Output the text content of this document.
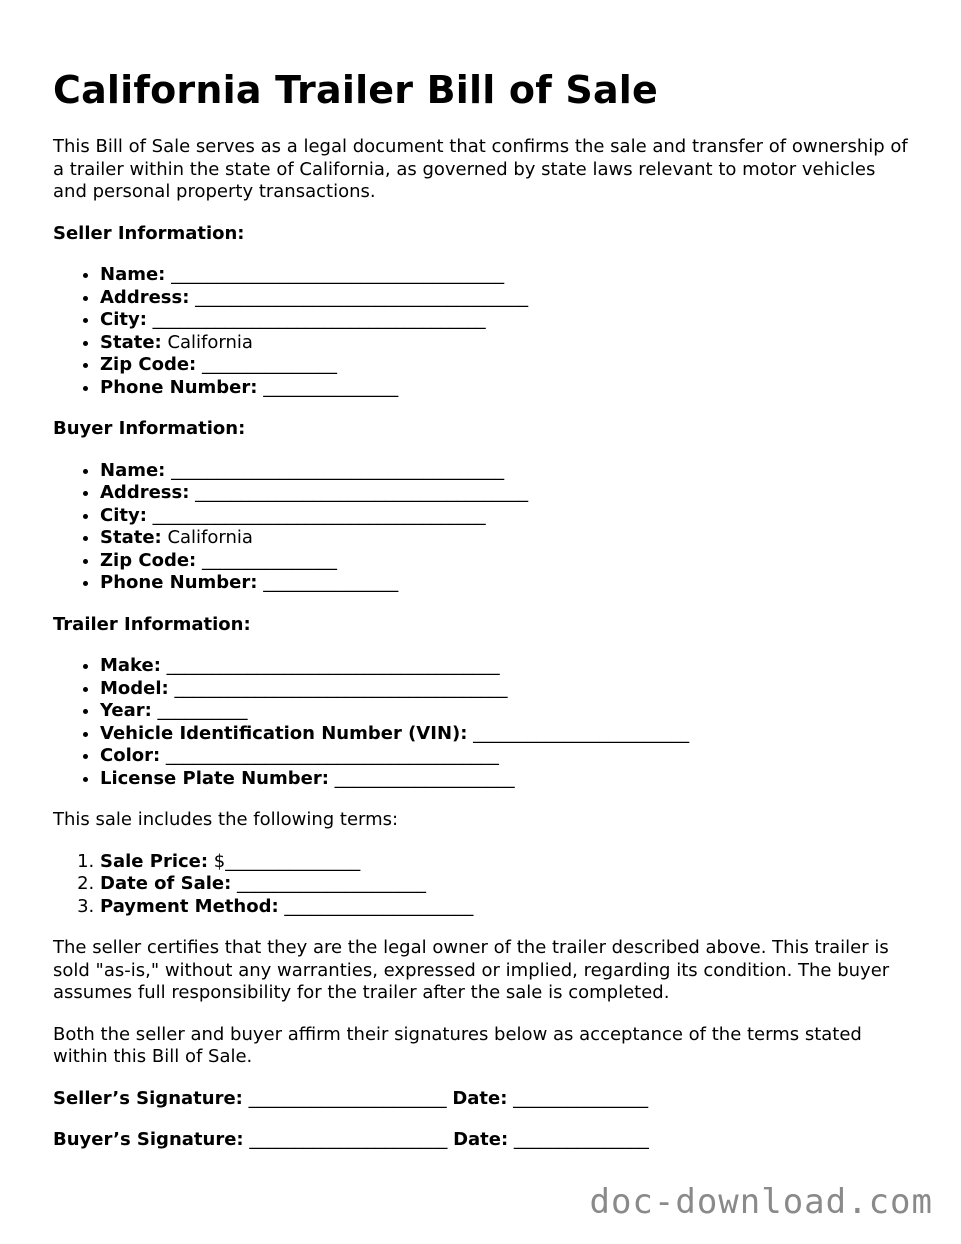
California Trailer Bill of Sale

This Bill of Sale serves as a legal document that confirms the sale and transfer of ownership of a trailer within the state of California, as governed by state laws relevant to motor vehicles and personal property transactions.

Seller Information:
• Name: _____________________________________
• Address: _____________________________________
• City: _____________________________________
• State: California
• Zip Code: _______________
• Phone Number: _______________
Buyer Information:
• Name: _____________________________________
• Address: _____________________________________
• City: _____________________________________
• State: California
• Zip Code: _______________
• Phone Number: _______________
Trailer Information:
• Make: _____________________________________
• Model: _____________________________________
• Year: __________
• Vehicle Identification Number (VIN): ________________________
• Color: _____________________________________
• License Plate Number: ____________________

This sale includes the following terms:

1. Sale Price: $_______________
2. Date of Sale: _____________________
3. Payment Method: _____________________

The seller certifies that they are the legal owner of the trailer described above. This trailer is sold "as-is," without any warranties, expressed or implied, regarding its condition. The buyer assumes full responsibility for the trailer after the sale is completed.

Both the seller and buyer affirm their signatures below as acceptance of the terms stated within this Bill of Sale.

Seller’s Signature: ______________________ Date: _______________
Buyer’s Signature: ______________________ Date: _______________
doc-download.com
